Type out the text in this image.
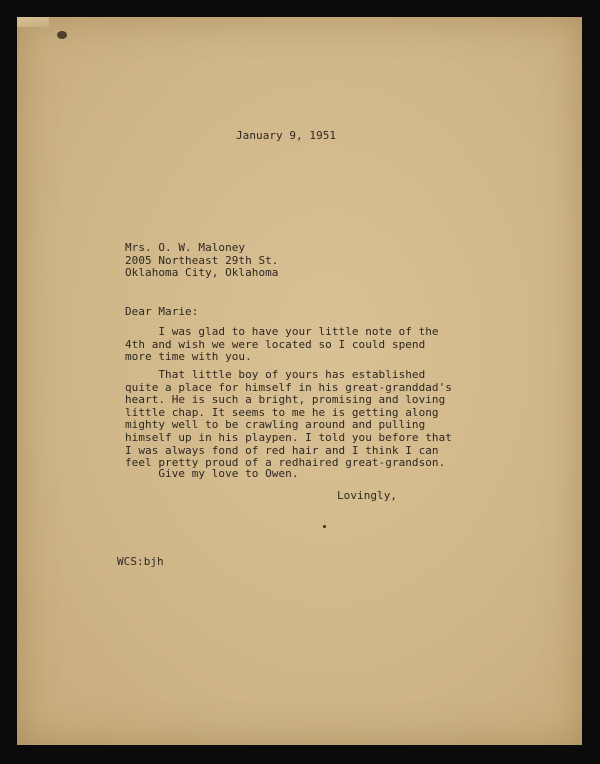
January 9, 1951
Mrs. O. W. Maloney
2005 Northeast 29th St.
Oklahoma City, Oklahoma
Dear Marie:
I was glad to have your little note of the
4th and wish we were located so I could spend
more time with you.
That little boy of yours has established
quite a place for himself in his great-granddad's
heart. He is such a bright, promising and loving
little chap. It seems to me he is getting along
mighty well to be crawling around and pulling
himself up in his playpen. I told you before that
I was always fond of red hair and I think I can
feel pretty proud of a redhaired great-grandson.
Give my love to Owen.
Lovingly,
WCS:bjh
